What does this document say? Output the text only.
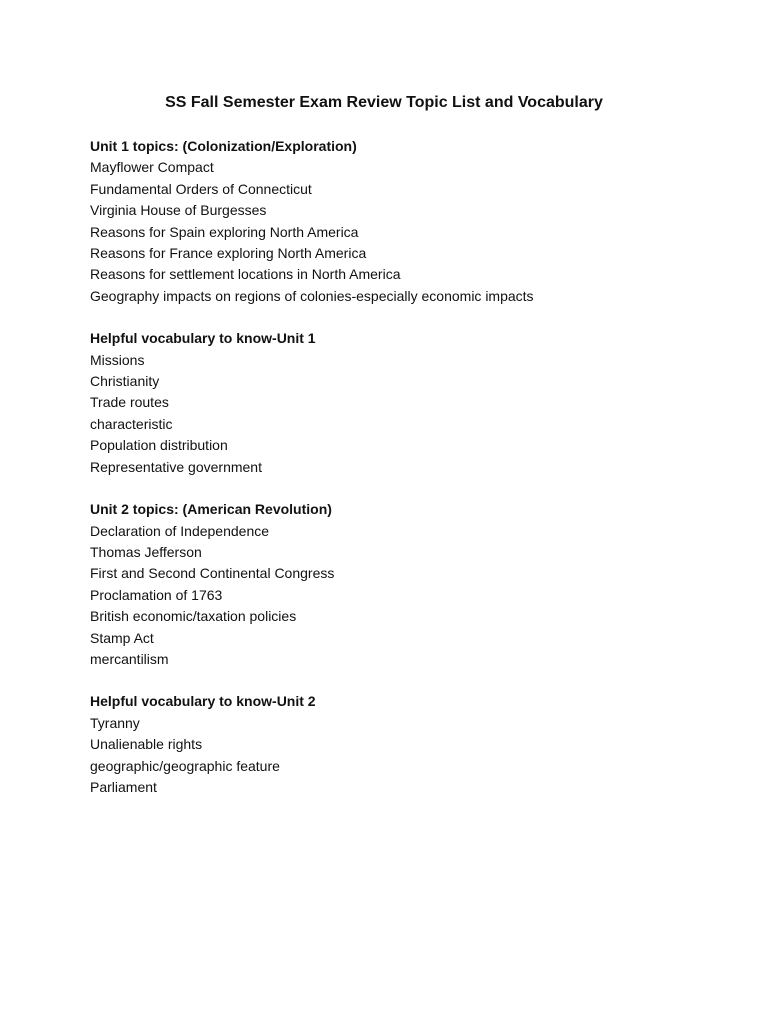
SS Fall Semester Exam Review Topic List and Vocabulary

Unit 1 topics: (Colonization/Exploration)

Mayflower Compact
Fundamental Orders of Connecticut
Virginia House of Burgesses
Reasons for Spain exploring North America
Reasons for France exploring North America
Reasons for settlement locations in North America
Geography impacts on regions of colonies-especially economic impacts

Helpful vocabulary to know-Unit 1

Missions
Christianity
Trade routes
characteristic
Population distribution
Representative government

Unit 2 topics: (American Revolution)

Declaration of Independence
Thomas Jefferson
First and Second Continental Congress
Proclamation of 1763
British economic/taxation policies
Stamp Act
mercantilism

Helpful vocabulary to know-Unit 2

Tyranny
Unalienable rights
geographic/geographic feature
Parliament
